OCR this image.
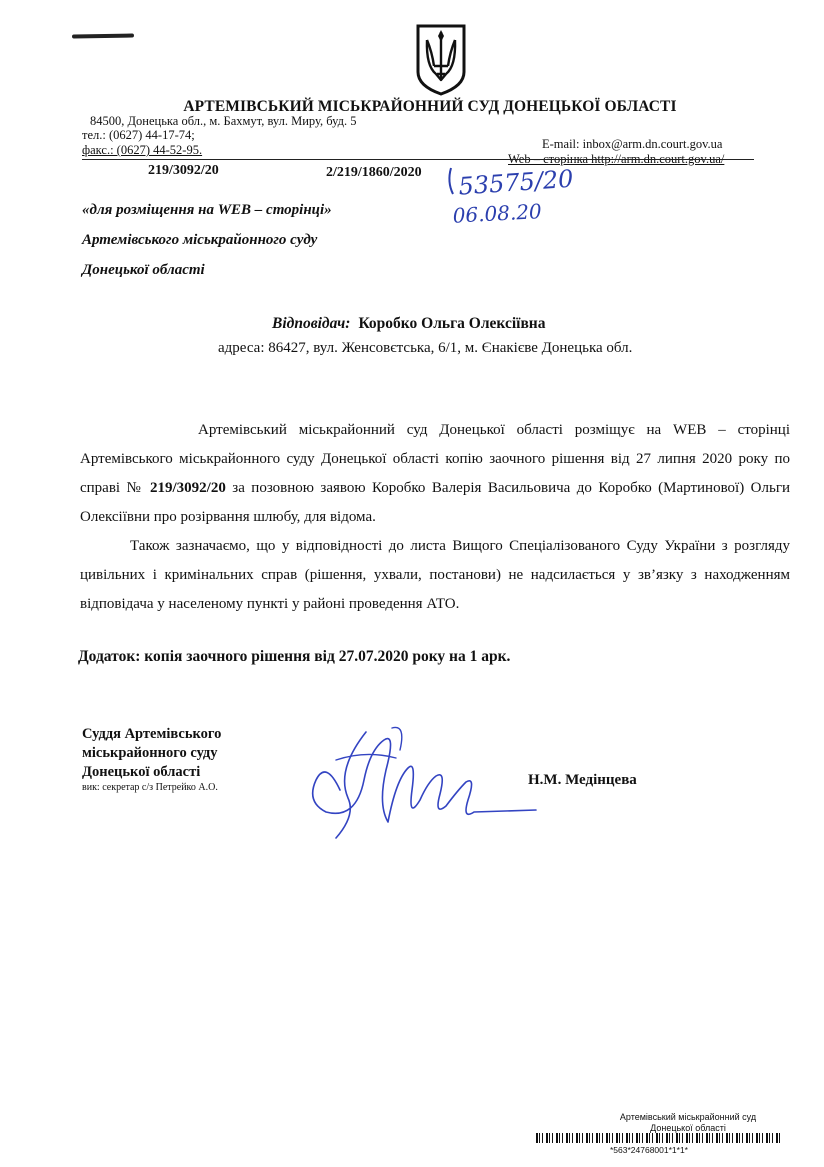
АРТЕМІВСЬКИЙ МІСЬКРАЙОННИЙ СУД ДОНЕЦЬКОЇ ОБЛАСТІ
84500, Донецька обл., м. Бахмут, вул. Миру, буд. 5
тел.: (0627) 44-17-74;
факс.: (0627) 44-52-95.	E-mail: inbox@arm.dn.court.gov.ua
Web – сторінка http://arm.dn.court.gov.ua/
219/3092/20	2/219/1860/2020 53575/20
06.08.20
«для розміщення на WEB – сторінці»
Артемівського міськрайонного суду
Донецької області
Відповідач: Коробко Ольга Олексіївна
адреса: 86427, вул. Женсовєтська, 6/1, м. Єнакієве Донецька обл.

Артемівський міськрайонний суд Донецької області розміщує на WEB – сторінці Артемівського міськрайонного суду Донецької області копію заочного рішення від 27 липня 2020 року по справі № 219/3092/20 за позовною заявою Коробко Валерія Васильовича до Коробко (Мартинової) Ольги Олексіївни про розірвання шлюбу, для відома.

Також зазначаємо, що у відповідності до листа Вищого Спеціалізованого Суду України з розгляду цивільних і кримінальних справ (рішення, ухвали, постанови) не надсилається у зв’язку з находженням відповідача у населеному пункті у районі проведення АТО.

Додаток: копія заочного рішення від 27.07.2020 року на 1 арк.
Суддя Артемівського
міськрайонного суду
Донецької області
вик: секретар с/з Петрейко А.О.	Н.М. Медінцева
Артемівський міськрайонний суд
Донецької області
*563*24768001*1*1*
